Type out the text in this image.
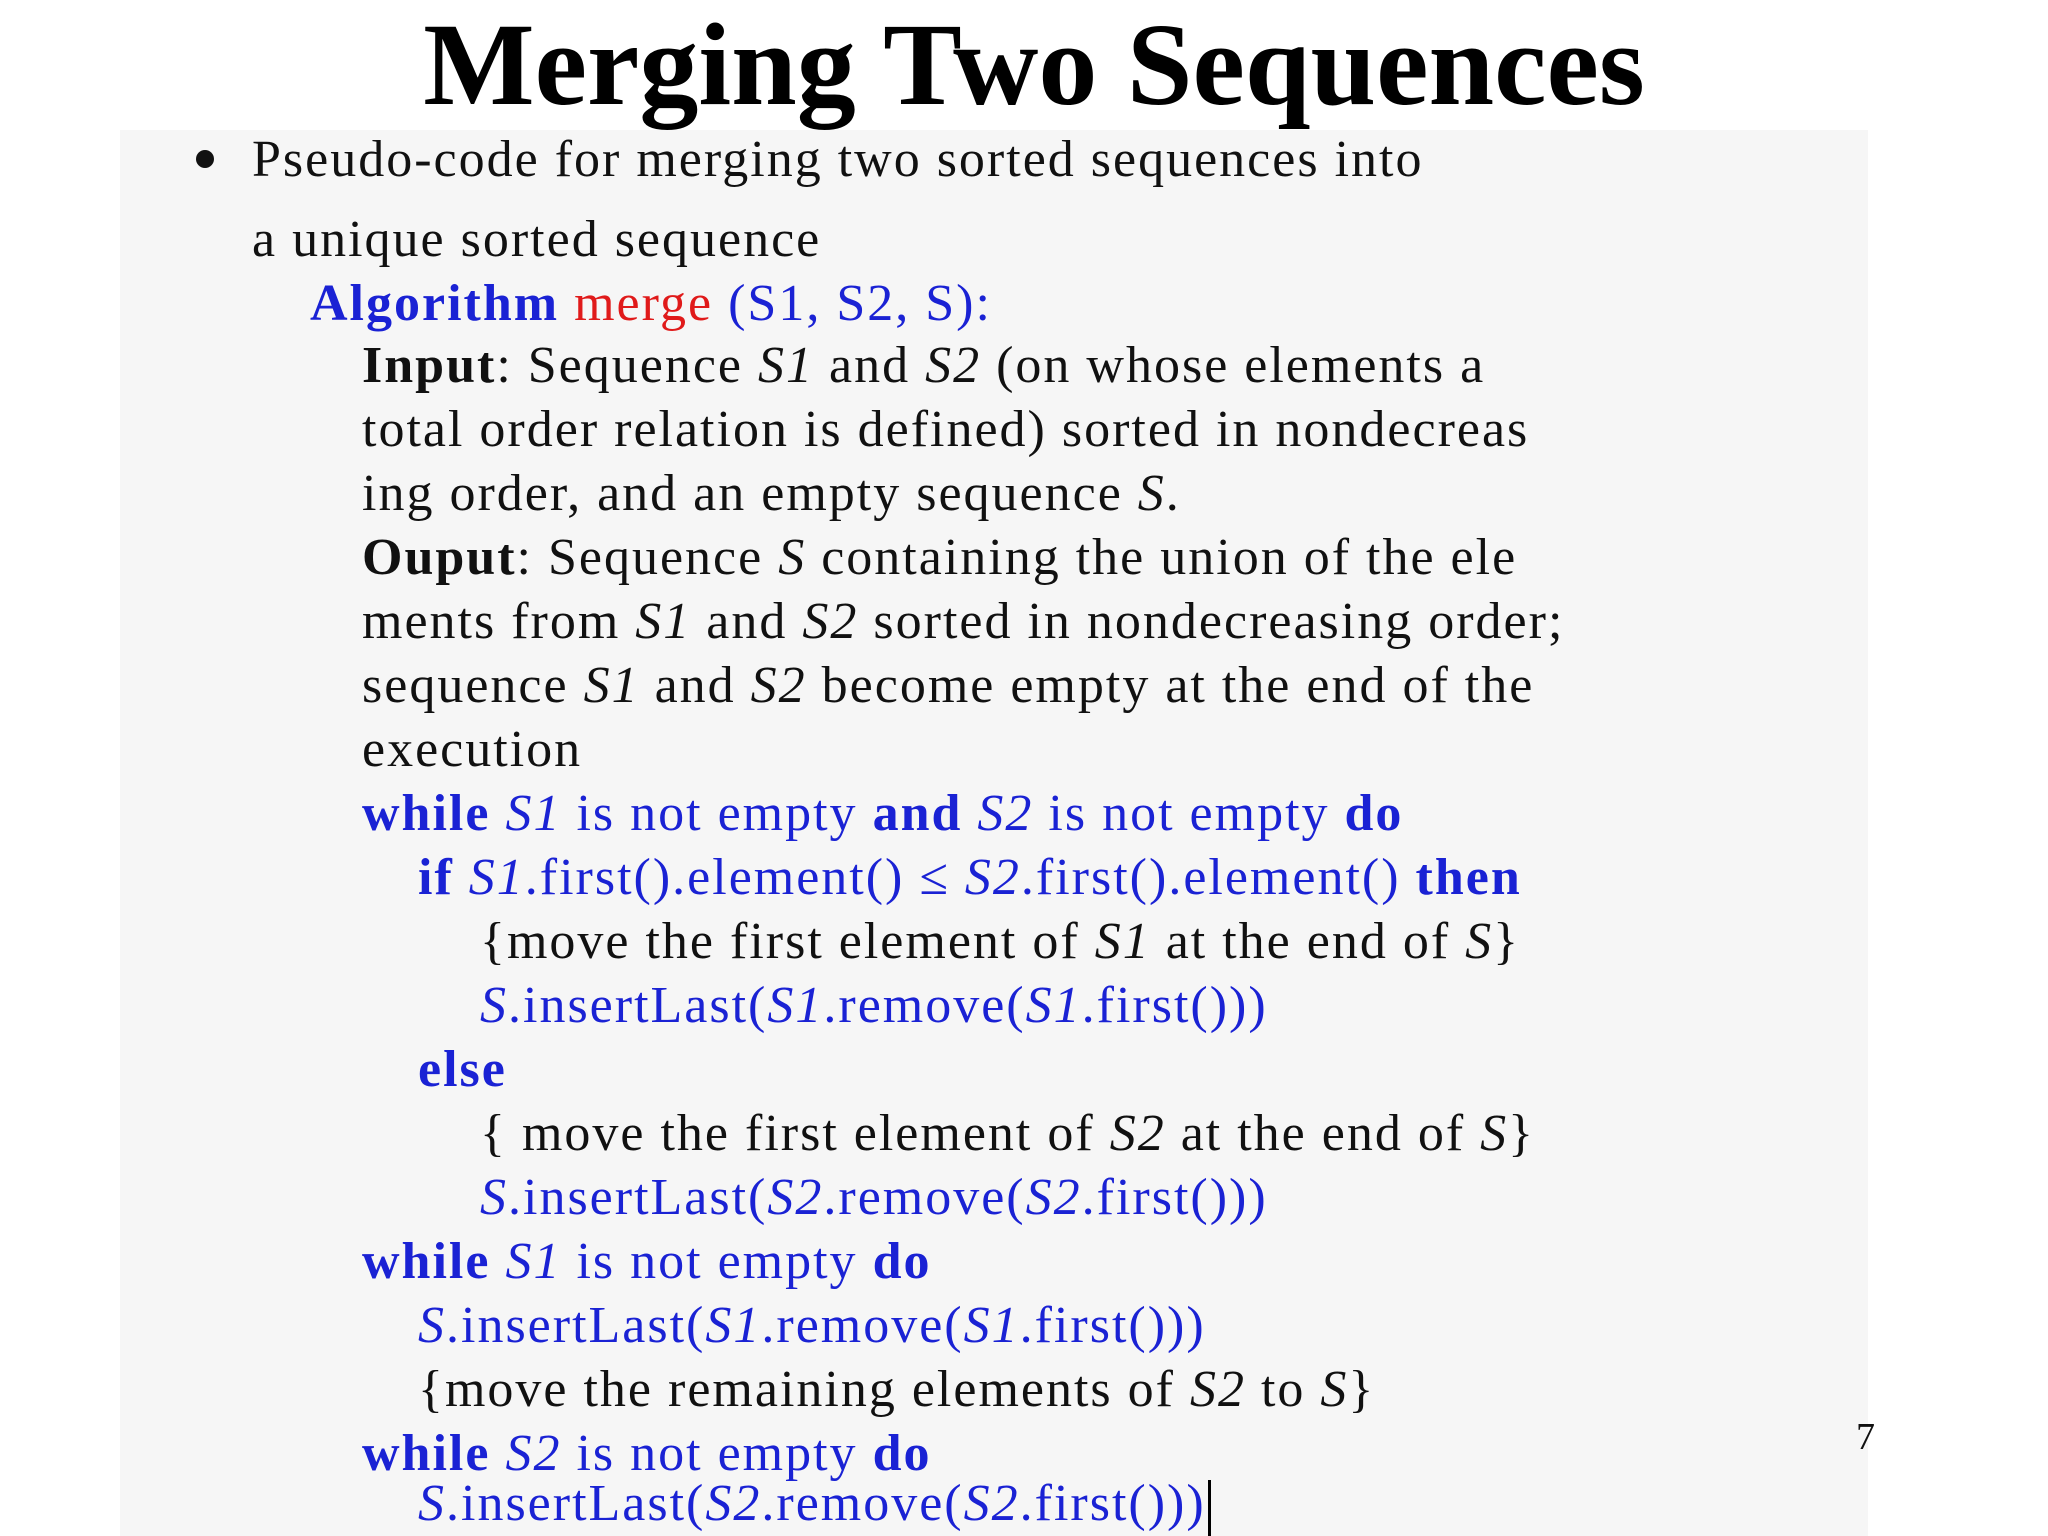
Merging Two Sequences
Pseudo-code for merging two sorted sequences into
a unique sorted sequence
Algorithm merge (S1, S2, S):
Input: Sequence S1 and S2 (on whose elements a
total order relation is defined) sorted in nondecreas
ing order, and an empty sequence S.
Ouput: Sequence S containing the union of the ele
ments from S1 and S2 sorted in nondecreasing order;
sequence S1 and S2 become empty at the end of the
execution
while S1 is not empty and S2 is not empty do
if S1.first().element() ≤ S2.first().element() then
{move the first element of S1 at the end of S}
S.insertLast(S1.remove(S1.first()))
else
{ move the first element of S2 at the end of S}
S.insertLast(S2.remove(S2.first()))
while S1 is not empty do
S.insertLast(S1.remove(S1.first()))
{move the remaining elements of S2 to S}
while S2 is not empty do
S.insertLast(S2.remove(S2.first()))
7
